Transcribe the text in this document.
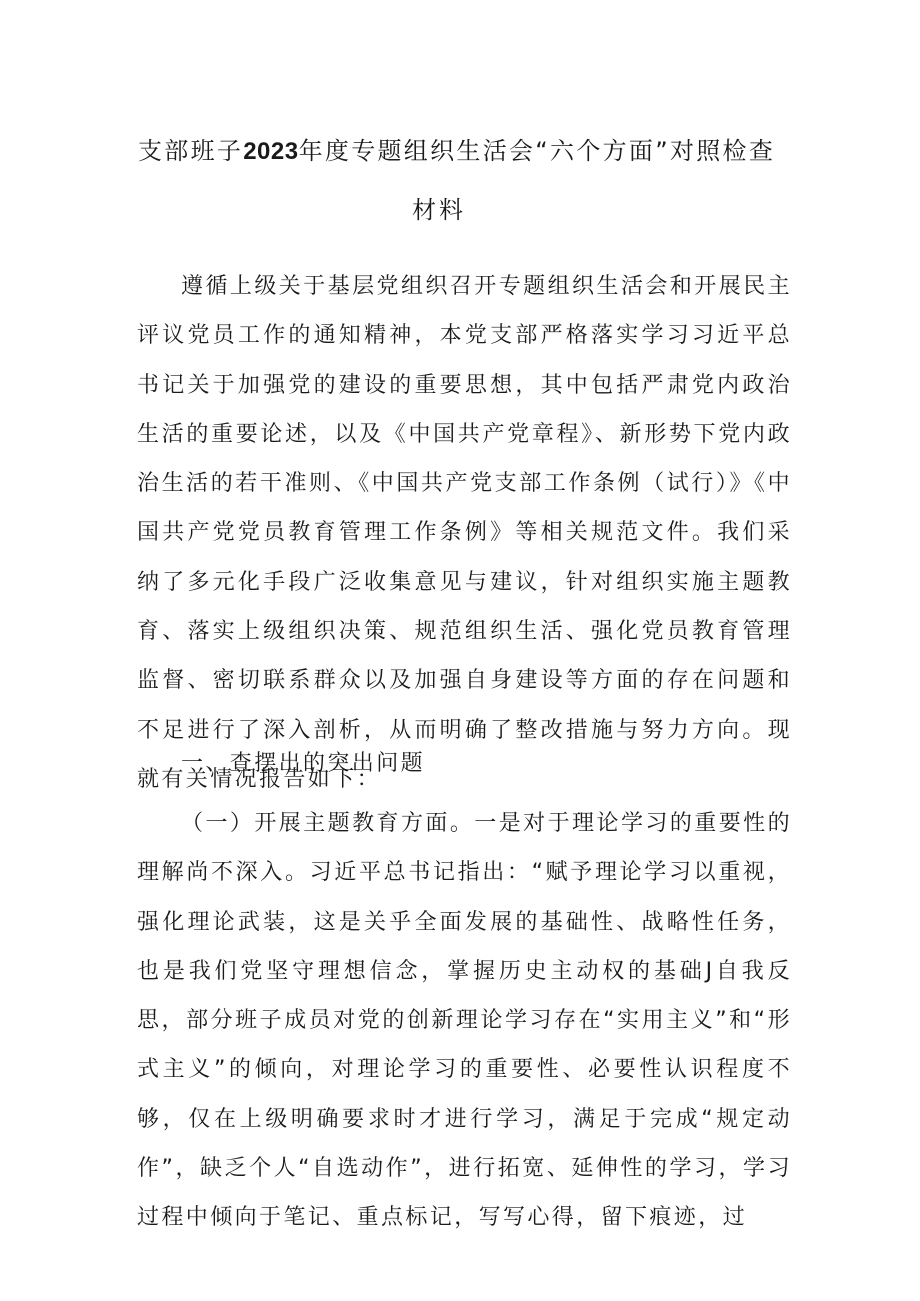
支部班子2023年度专题组织生活会“六个方面”对照检查
材料

遵循上级关于基层党组织召开专题组织生活会和开展民主评议党员工作的通知精神，本党支部严格落实学习习近平总书记关于加强党的建设的重要思想，其中包括严肃党内政治生活的重要论述，以及《中国共产党章程》、新形势下党内政治生活的若干准则、《中国共产党支部工作条例（试行）》《中国共产党党员教育管理工作条例》等相关规范文件。我们采纳了多元化手段广泛收集意见与建议，针对组织实施主题教育、落实上级组织决策、规范组织生活、强化党员教育管理监督、密切联系群众以及加强自身建设等方面的存在问题和不足进行了深入剖析，从而明确了整改措施与努力方向。现就有关情况报告如下：

一、查摆出的突出问题

（一）开展主题教育方面。一是对于理论学习的重要性的理解尚不深入。习近平总书记指出：“赋予理论学习以重视，强化理论武装，这是关乎全面发展的基础性、战略性任务，也是我们党坚守理想信念，掌握历史主动权的基础J自我反思，部分班子成员对党的创新理论学习存在“实用主义”和“形式主义”的倾向，对理论学习的重要性、必要性认识程度不够，仅在上级明确要求时才进行学习，满足于完成“规定动作”，缺乏个人“自选动作”，进行拓宽、延伸性的学习，学习过程中倾向于笔记、重点标记，写写心得，留下痕迹，过
